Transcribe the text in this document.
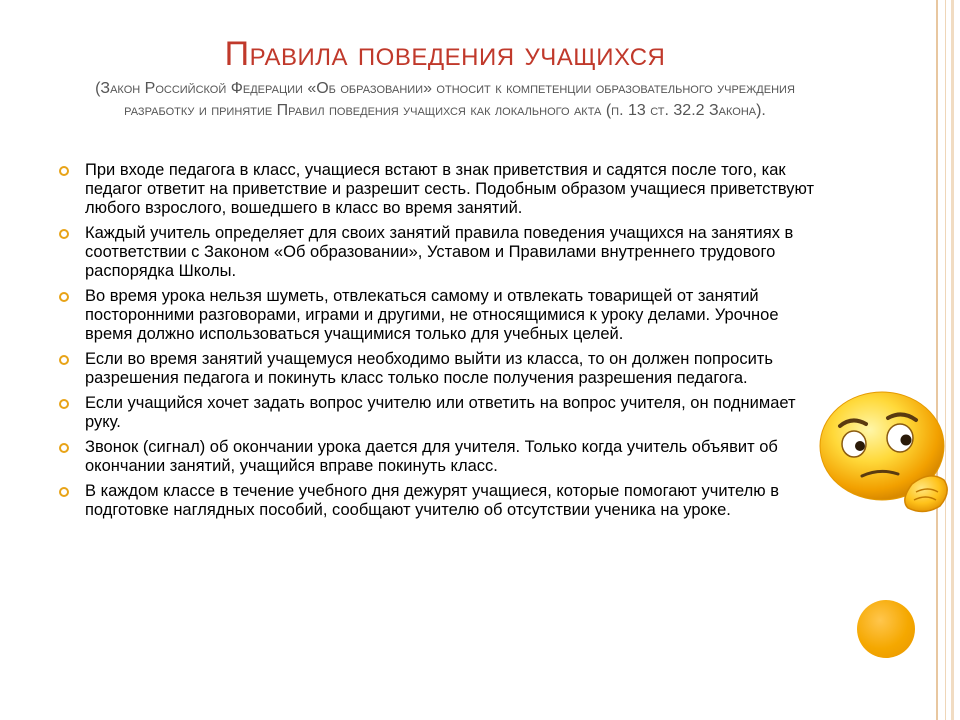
Правила поведения учащихся
(Закон Российской Федерации «Об образовании» относит к компетенции образовательного учреждения разработку и принятие Правил поведения учащихся как локального акта (п. 13 ст. 32.2 Закона).
При входе педагога в класс, учащиеся встают в знак приветствия и садятся после того, как педагог ответит на приветствие и разрешит сесть. Подобным образом учащиеся приветствуют любого взрослого, вошедшего в класс во время занятий.
Каждый учитель определяет для своих занятий правила поведения учащихся на занятиях в соответствии с Законом «Об образовании», Уставом и Правилами внутреннего трудового распорядка Школы.
Во время урока нельзя шуметь, отвлекаться самому и отвлекать товарищей от занятий посторонними разговорами, играми и другими, не относящимися к уроку делами. Урочное время должно использоваться учащимися только для учебных целей.
Если во время занятий учащемуся необходимо выйти из класса, то он должен попросить разрешения педагога и покинуть класс только после получения разрешения педагога.
Если учащийся хочет задать вопрос учителю или ответить на вопрос учителя, он поднимает руку.
Звонок (сигнал) об окончании урока дается для учителя. Только когда учитель объявит об окончании занятий, учащийся вправе покинуть класс.
В каждом классе в течение учебного дня дежурят учащиеся, которые помогают учителю в подготовке наглядных пособий, сообщают учителю об отсутствии ученика на уроке.
